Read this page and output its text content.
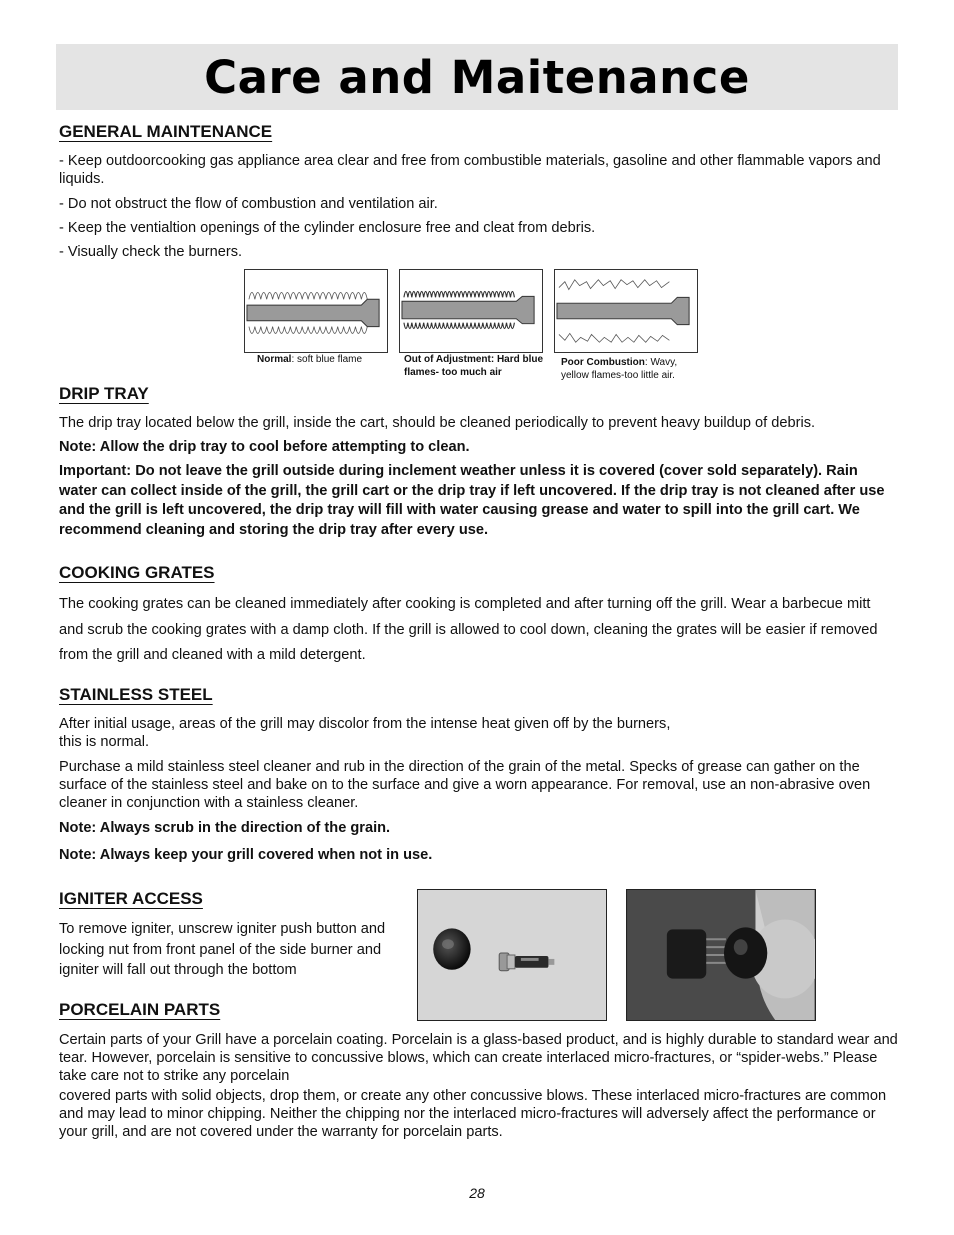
Care and Maitenance
GENERAL MAINTENANCE

- Keep outdoorcooking gas appliance area clear and free from combustible materials, gasoline and other flammable vapors and liquids.

- Do not obstruct the flow of combustion and ventilation air.

- Keep the ventialtion openings of the cylinder enclosure free and cleat from debris.

- Visually check the burners.

Normal: soft blue flame	Out of Adjustment: Hard blue flames- too much air

Poor Combustion: Wavy, yellow flames-too little air.

DRIP TRAY

The drip tray located below the grill, inside the cart, should be cleaned periodically to prevent heavy buildup of debris.

Note: Allow the drip tray to cool before attempting to clean.

Important: Do not leave the grill outside during inclement weather unless it is covered (cover sold separately). Rain water can collect inside of the grill, the grill cart or the drip tray if left uncovered. If the drip tray is not cleaned after use and the grill is left uncovered, the drip tray will fill with water causing grease and water to spill into the grill cart. We recommend cleaning and storing the drip tray after every use.

COOKING GRATES

The cooking grates can be cleaned immediately after cooking is completed and after turning off the grill. Wear a barbecue mitt and scrub the cooking grates with a damp cloth. If the grill is allowed to cool down, cleaning the grates will be easier if removed from the grill and cleaned with a mild detergent.

STAINLESS STEEL

After initial usage, areas of the grill may discolor from the intense heat given off by the burners,

this is normal.

Purchase a mild stainless steel cleaner and rub in the direction of the grain of the metal. Specks of grease can gather on the surface of the stainless steel and bake on to the surface and give a worn appearance. For removal, use an non-abrasive oven cleaner in conjunction with a stainless cleaner.

Note: Always scrub in the direction of the grain.

Note: Always keep your grill covered when not in use.

IGNITER ACCESS

To remove igniter, unscrew igniter push button and locking nut from front panel of the side burner and igniter will fall out through the bottom

PORCELAIN PARTS

Certain parts of your Grill have a porcelain coating. Porcelain is a glass-based product, and is highly durable to standard wear and tear. However, porcelain is sensitive to concussive blows, which can create interlaced micro-fractures, or “spider-webs.” Please take care not to strike any porcelain

covered parts with solid objects, drop them, or create any other concussive blows. These interlaced micro-fractures are common and may lead to minor chipping. Neither the chipping nor the interlaced micro-fractures will adversely affect the performance or your grill, and are not covered under the warranty for porcelain parts.

28
